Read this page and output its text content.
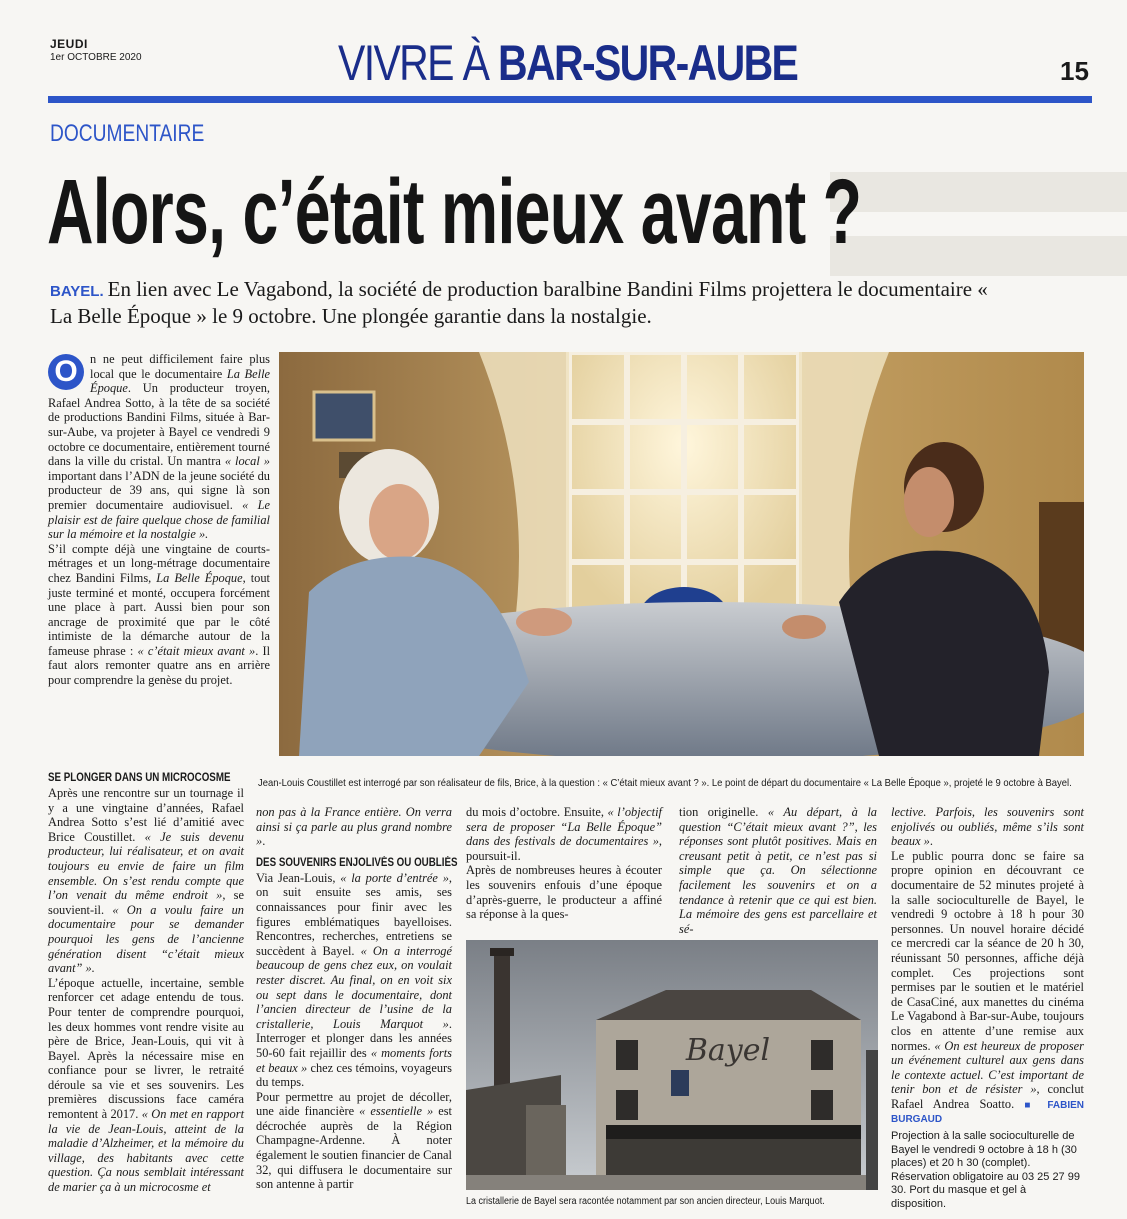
JEUDI
1er OCTOBRE 2020	VIVRE À BAR-SUR-AUBE	15
DOCUMENTAIRE
Alors, c’était mieux avant ?
BAYEL. En lien avec Le Vagabond, la société de production baralbine Bandini Films projettera le documentaire « La Belle Époque » le 9 octobre. Une plongée garantie dans la nostalgie.
O n ne peut difficilement faire plus local que le documentaire La Belle Époque. Un producteur troyen, Rafael Andrea Sotto, à la tête de sa société de productions Bandini Films, située à Bar-sur-Aube, va projeter à Bayel ce vendredi 9 octobre ce documentaire, entièrement tourné dans la ville du cristal. Un mantra « local » important dans l’ADN de la jeune société du producteur de 39 ans, qui signe là son premier documentaire audiovisuel. « Le plaisir est de faire quelque chose de familial sur la mémoire et la nostalgie ».

S’il compte déjà une vingtaine de courts-métrages et un long-métrage documentaire chez Bandini Films, La Belle Époque, tout juste terminé et monté, occupera forcément une place à part. Aussi bien pour son ancrage de proximité que par le côté intimiste de la démarche autour de la fameuse phrase : « c’était mieux avant ». Il faut alors remonter quatre ans en arrière pour comprendre la genèse du projet.

Jean-Louis Coustillet est interrogé par son réalisateur de fils, Brice, à la question : « C’était mieux avant ? ». Le point de départ du documentaire « La Belle Époque », projeté le 9 octobre à Bayel.
SE PLONGER DANS UN MICROCOSME

Après une rencontre sur un tournage il y a une vingtaine d’années, Rafael Andrea Sotto s’est lié d’amitié avec Brice Coustillet. « Je suis devenu producteur, lui réalisateur, et on avait toujours eu envie de faire un film ensemble. On s’est rendu compte que l’on venait du même endroit », se souvient-il. « On a voulu faire un documentaire pour se demander pourquoi les gens de l’ancienne génération disent “c’était mieux avant” ».

L’époque actuelle, incertaine, semble renforcer cet adage entendu de tous. Pour tenter de comprendre pourquoi, les deux hommes vont rendre visite au père de Brice, Jean-Louis, qui vit à Bayel. Après la nécessaire mise en confiance pour se livrer, le retraité déroule sa vie et ses souvenirs. Les premières discussions face caméra remontent à 2017. « On met en rapport la vie de Jean-Louis, atteint de la maladie d’Alzheimer, et la mémoire du village, des habitants avec cette question. Ça nous semblait intéressant de marier ça à un microcosme et

non pas à la France entière. On verra ainsi si ça parle au plus grand nombre ».

DES SOUVENIRS ENJOLIVÉS OU OUBLIÉS

Via Jean-Louis, « la porte d’entrée », on suit ensuite ses amis, ses connaissances pour finir avec les figures emblématiques bayelloises. Rencontres, recherches, entretiens se succèdent à Bayel. « On a interrogé beaucoup de gens chez eux, on voulait rester discret. Au final, on en voit six ou sept dans le documentaire, dont l’ancien directeur de l’usine de la cristallerie, Louis Marquot ». Interroger et plonger dans les années 50-60 fait rejaillir des « moments forts et beaux » chez ces témoins, voyageurs du temps.

Pour permettre au projet de décoller, une aide financière « essentielle » est décrochée auprès de la Région Champagne-Ardenne. À noter également le soutien financier de Canal 32, qui diffusera le documentaire sur son antenne à partir

du mois d’octobre. Ensuite, « l’objectif sera de proposer “La Belle Époque” dans des festivals de documentaires », poursuit-il.

Après de nombreuses heures à écouter les souvenirs enfouis d’une époque d’après-guerre, le producteur a affiné sa réponse à la ques-

tion originelle. « Au départ, à la question “C’était mieux avant ?”, les réponses sont plutôt positives. Mais en creusant petit à petit, ce n’est pas si simple que ça. On sélectionne facilement les souvenirs et on a tendance à retenir que ce qui est bien. La mémoire des gens est parcellaire et sé-

lective. Parfois, les souvenirs sont enjolivés ou oubliés, même s’ils sont beaux ».

Le public pourra donc se faire sa propre opinion en découvrant ce documentaire de 52 minutes projeté à la salle socioculturelle de Bayel, le vendredi 9 octobre à 18 h pour 30 personnes. Un nouvel horaire décidé ce mercredi car la séance de 20 h 30, réunissant 50 personnes, affiche déjà complet. Ces projections sont permises par le soutien et le matériel de CasaCiné, aux manettes du cinéma Le Vagabond à Bar-sur-Aube, toujours clos en attente d’une remise aux normes. « On est heureux de proposer un événement culturel aux gens dans le contexte actuel. C’est important de tenir bon et de résister », conclut Rafael Andrea Soatto. ■ FABIEN BURGAUD

Projection à la salle socioculturelle de Bayel le vendredi 9 octobre à 18 h (30 places) et 20 h 30 (complet). Réservation obligatoire au 03 25 27 99 30. Port du masque et gel à disposition.

Bayel
La cristallerie de Bayel sera racontée notamment par son ancien directeur, Louis Marquot.
